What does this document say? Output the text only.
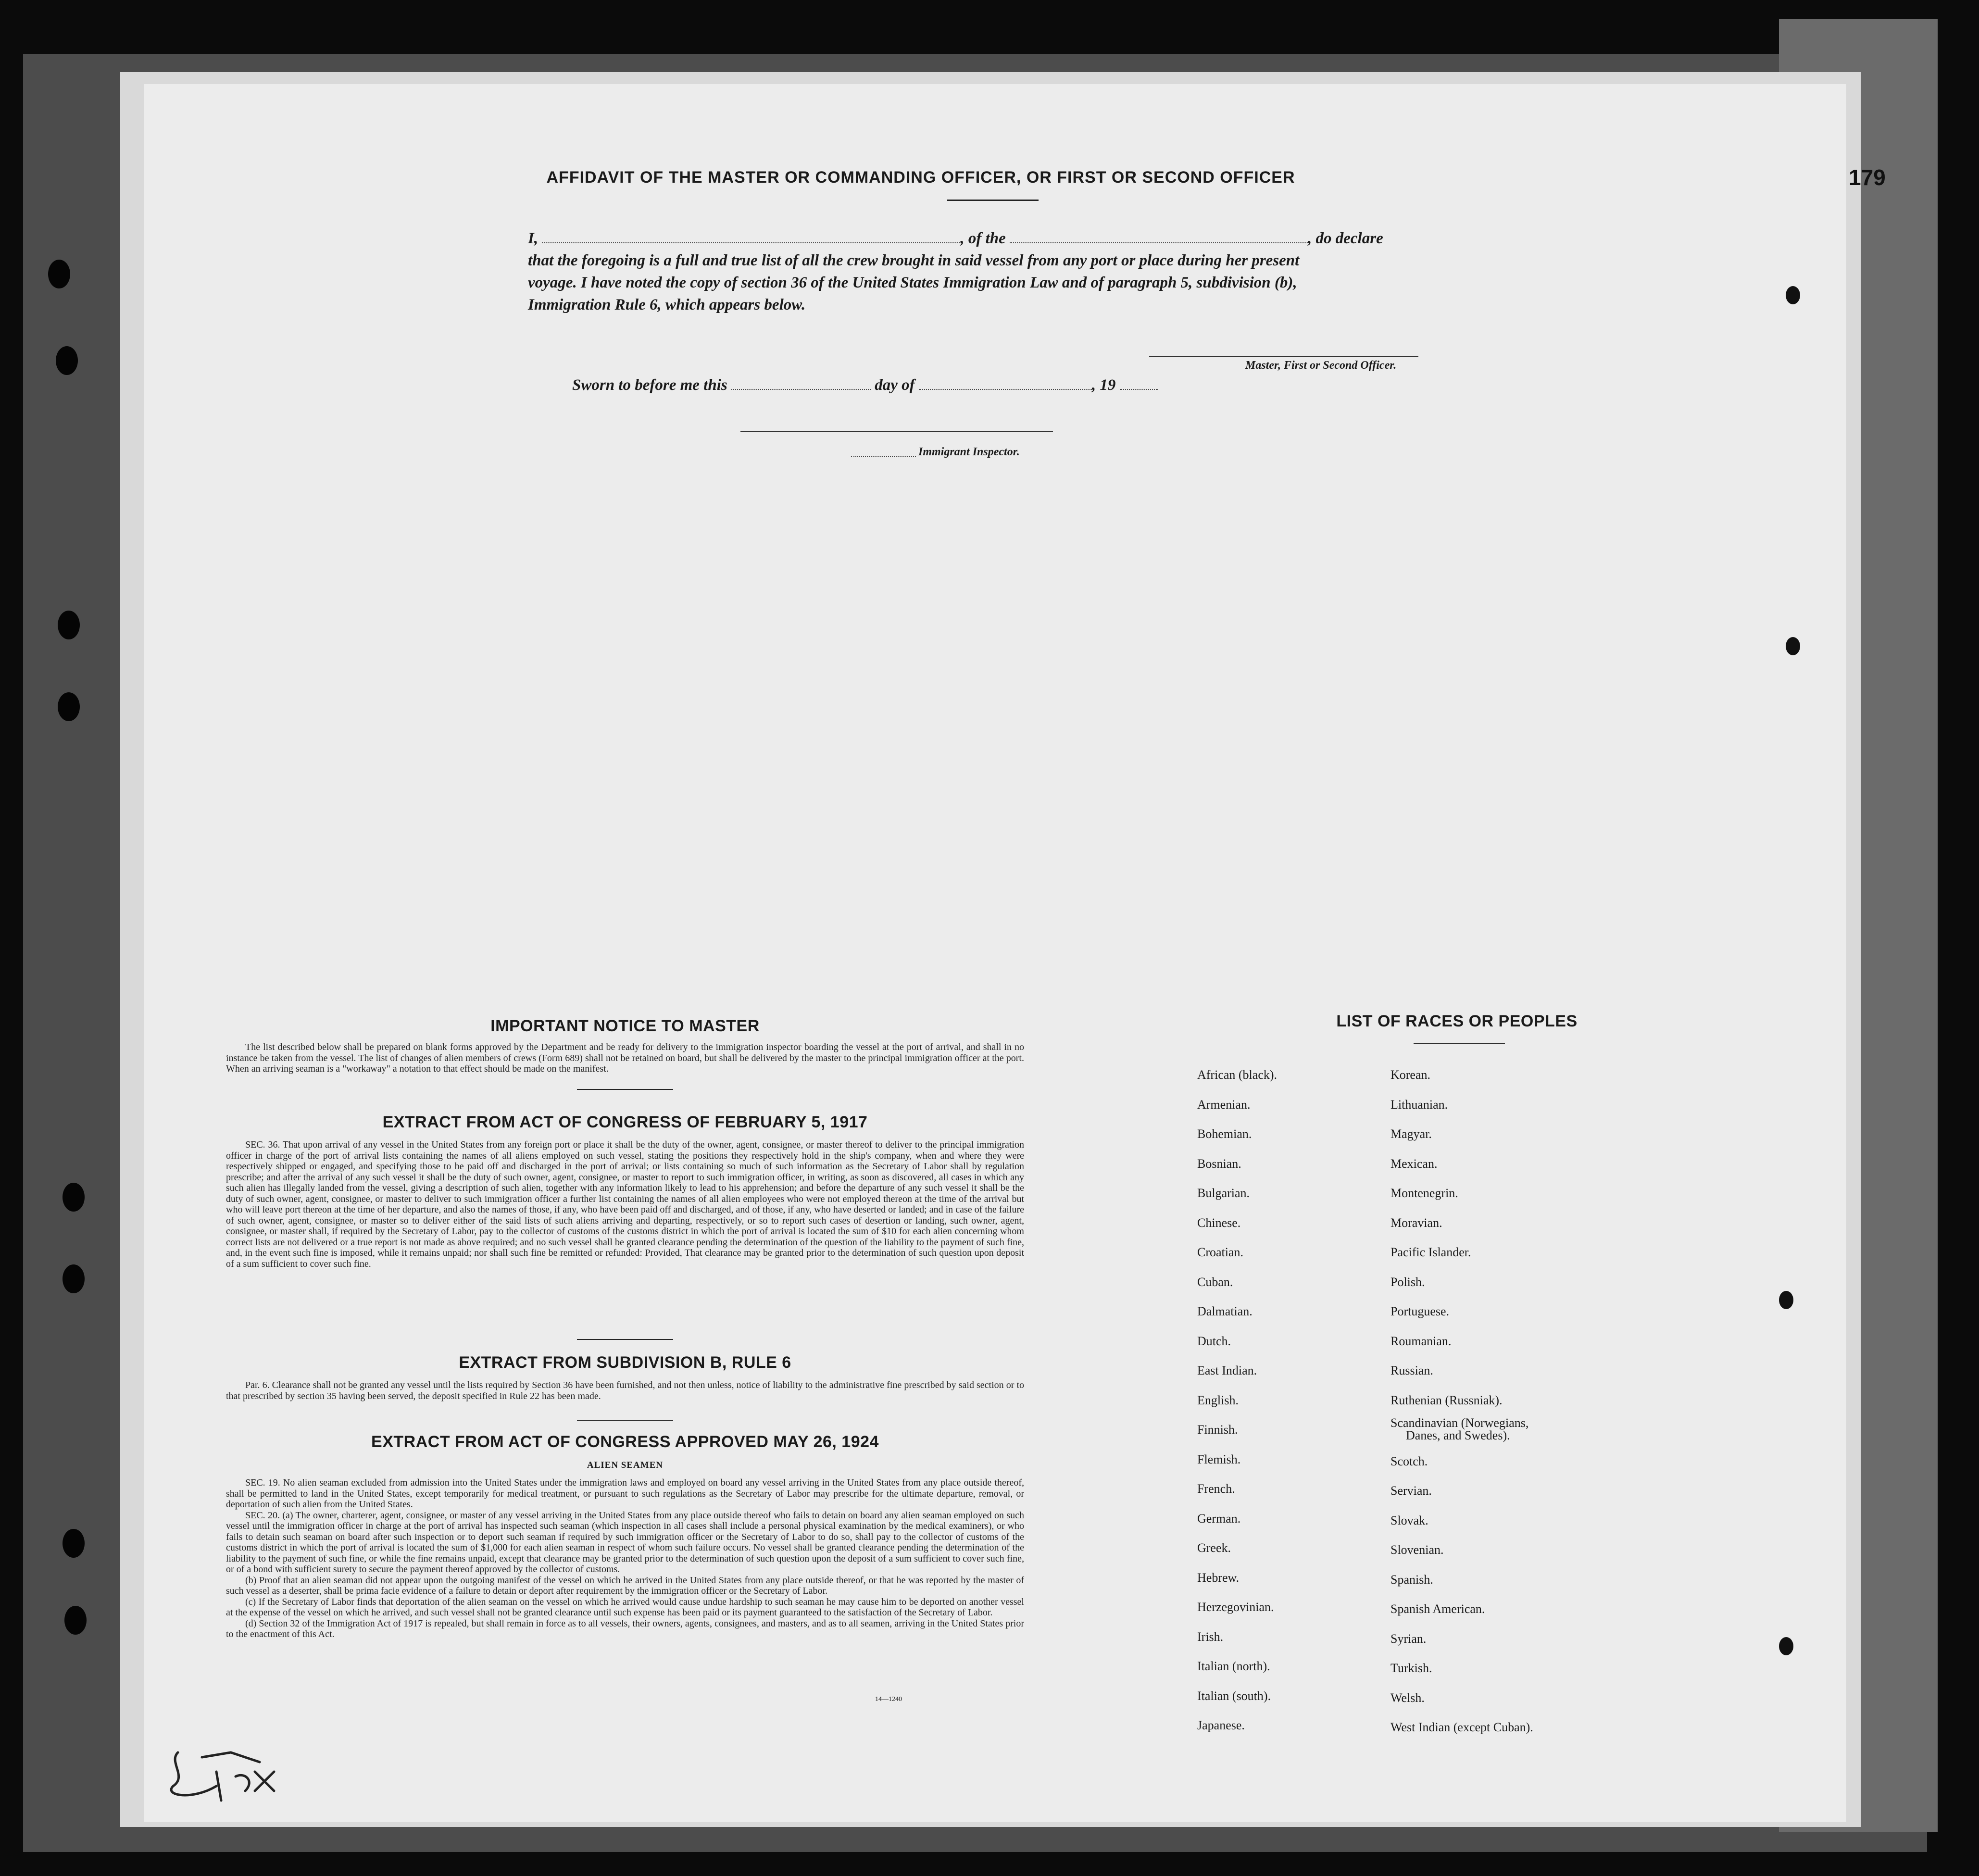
AFFIDAVIT OF THE MASTER OR COMMANDING OFFICER, OR FIRST OR SECOND OFFICER
I,	, of the	, do declare
that the foregoing is a full and true list of all the crew brought in said vessel from any port or place during her present
voyage. I have noted the copy of section 36 of the United States Immigration Law and of paragraph 5, subdivision (b),
Immigration Rule 6, which appears below.
Master, First or Second Officer.
Sworn to before me this	day of	, 19
Immigrant Inspector.
IMPORTANT NOTICE TO MASTER

The list described below shall be prepared on blank forms approved by the Department and be ready for delivery to the immigration inspector boarding the vessel at the port of arrival, and shall in no instance be taken from the vessel. The list of changes of alien members of crews (Form 689) shall not be retained on board, but shall be delivered by the master to the principal immigration officer at the port. When an arriving seaman is a "workaway" a notation to that effect should be made on the manifest.

EXTRACT FROM ACT OF CONGRESS OF FEBRUARY 5, 1917

SEC. 36. That upon arrival of any vessel in the United States from any foreign port or place it shall be the duty of the owner, agent, consignee, or master thereof to deliver to the principal immigration officer in charge of the port of arrival lists containing the names of all aliens employed on such vessel, stating the positions they respectively hold in the ship's company, when and where they were respectively shipped or engaged, and specifying those to be paid off and discharged in the port of arrival; or lists containing so much of such information as the Secretary of Labor shall by regulation prescribe; and after the arrival of any such vessel it shall be the duty of such owner, agent, consignee, or master to report to such immigration officer, in writing, as soon as discovered, all cases in which any such alien has illegally landed from the vessel, giving a description of such alien, together with any information likely to lead to his apprehension; and before the departure of any such vessel it shall be the duty of such owner, agent, consignee, or master to deliver to such immigration officer a further list containing the names of all alien employees who were not employed thereon at the time of the arrival but who will leave port thereon at the time of her departure, and also the names of those, if any, who have been paid off and discharged, and of those, if any, who have deserted or landed; and in case of the failure of such owner, agent, consignee, or master so to deliver either of the said lists of such aliens arriving and departing, respectively, or so to report such cases of desertion or landing, such owner, agent, consignee, or master shall, if required by the Secretary of Labor, pay to the collector of customs of the customs district in which the port of arrival is located the sum of $10 for each alien concerning whom correct lists are not delivered or a true report is not made as above required; and no such vessel shall be granted clearance pending the determination of the question of the liability to the payment of such fine, and, in the event such fine is imposed, while it remains unpaid; nor shall such fine be remitted or refunded: Provided, That clearance may be granted prior to the determination of such question upon deposit of a sum sufficient to cover such fine.

EXTRACT FROM SUBDIVISION B, RULE 6

Par. 6. Clearance shall not be granted any vessel until the lists required by Section 36 have been furnished, and not then unless, notice of liability to the administrative fine prescribed by said section or to that prescribed by section 35 having been served, the deposit specified in Rule 22 has been made.

EXTRACT FROM ACT OF CONGRESS APPROVED MAY 26, 1924
ALIEN SEAMEN

SEC. 19. No alien seaman excluded from admission into the United States under the immigration laws and employed on board any vessel arriving in the United States from any place outside thereof, shall be permitted to land in the United States, except temporarily for medical treatment, or pursuant to such regulations as the Secretary of Labor may prescribe for the ultimate departure, removal, or deportation of such alien from the United States.

SEC. 20. (a) The owner, charterer, agent, consignee, or master of any vessel arriving in the United States from any place outside thereof who fails to detain on board any alien seaman employed on such vessel until the immigration officer in charge at the port of arrival has inspected such seaman (which inspection in all cases shall include a personal physical examination by the medical examiners), or who fails to detain such seaman on board after such inspection or to deport such seaman if required by such immigration officer or the Secretary of Labor to do so, shall pay to the collector of customs of the customs district in which the port of arrival is located the sum of $1,000 for each alien seaman in respect of whom such failure occurs. No vessel shall be granted clearance pending the determination of the liability to the payment of such fine, or while the fine remains unpaid, except that clearance may be granted prior to the determination of such question upon the deposit of a sum sufficient to cover such fine, or of a bond with sufficient surety to secure the payment thereof approved by the collector of customs.

(b) Proof that an alien seaman did not appear upon the outgoing manifest of the vessel on which he arrived in the United States from any place outside thereof, or that he was reported by the master of such vessel as a deserter, shall be prima facie evidence of a failure to detain or deport after requirement by the immigration officer or the Secretary of Labor.

(c) If the Secretary of Labor finds that deportation of the alien seaman on the vessel on which he arrived would cause undue hardship to such seaman he may cause him to be deported on another vessel at the expense of the vessel on which he arrived, and such vessel shall not be granted clearance until such expense has been paid or its payment guaranteed to the satisfaction of the Secretary of Labor.

(d) Section 32 of the Immigration Act of 1917 is repealed, but shall remain in force as to all vessels, their owners, agents, consignees, and masters, and as to all seamen, arriving in the United States prior to the enactment of this Act.

14—1240
LIST OF RACES OR PEOPLES
African (black).
Armenian.
Bohemian.
Bosnian.
Bulgarian.
Chinese.
Croatian.
Cuban.
Dalmatian.
Dutch.
East Indian.
English.
Finnish.
Flemish.
French.
German.
Greek.
Hebrew.
Herzegovinian.
Irish.
Italian (north).
Italian (south).
Japanese.
Korean.
Lithuanian.
Magyar.
Mexican.
Montenegrin.
Moravian.
Pacific Islander.
Polish.
Portuguese.
Roumanian.
Russian.
Ruthenian (Russniak).
Scandinavian (Norwegians,
Danes, and Swedes).
Scotch.
Servian.
Slovak.
Slovenian.
Spanish.
Spanish American.
Syrian.
Turkish.
Welsh.
West Indian (except Cuban).
179
